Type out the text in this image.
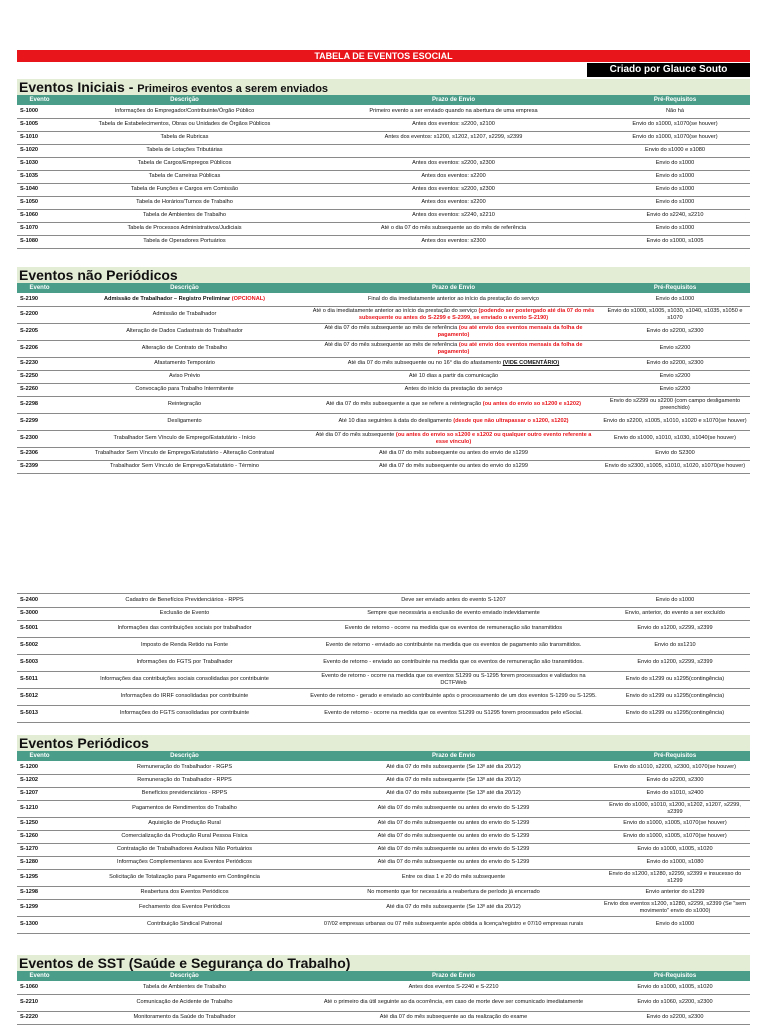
TABELA DE EVENTOS ESOCIAL
Criado por Glauce Souto
Eventos Iniciais - Primeiros eventos a serem enviados
Evento	Descrição	Prazo de Envio	Pré-Requisitos
S-1000	Informações do Empregador/Contribuinte/Órgão Público	Primeiro evento a ser enviado quando na abertura de uma empresa	Não há
S-1005	Tabela de Estabelecimentos, Obras ou Unidades de Órgãos Públicos	Antes dos eventos: s2200, s2100	Envio do s1000, s1070(se houver)
S-1010	Tabela de Rubricas	Antes dos eventos: s1200, s1202, s1207, s2299, s2399	Envio do s1000, s1070(se houver)
S-1020	Tabela de Lotações Tributárias		Envio do s1000 e s1080
S-1030	Tabela de Cargos/Empregos Públicos	Antes dos eventos: s2200, s2300	Envio do s1000
S-1035	Tabela de Carreiras Públicas	Antes dos eventos: s2200	Envio do s1000
S-1040	Tabela de Funções e Cargos em Comissão	Antes dos eventos: s2200, s2300	Envio do s1000
S-1050	Tabela de Horários/Turnos de Trabalho	Antes dos eventos: s2200	Envio do s1000
S-1060	Tabela de Ambientes de Trabalho	Antes dos eventos: s2240, s2210	Envio do s2240, s2210
S-1070	Tabela de Processos Administrativos/Judiciais	Até o dia 07 do mês subsequente ao do mês de referência	Envio do s1000
S-1080	Tabela de Operadores Portuários	Antes dos eventos: s2300	Envio do s1000, s1005
Eventos não Periódicos
Evento	Descrição	Prazo de Envio	Pré-Requisitos
S-2190	Admissão de Trabalhador – Registro Preliminar (OPCIONAL)	Final do dia imediatamente anterior ao início da prestação do serviço	Envio do s1000
S-2200	Admissão de Trabalhador	Até o dia imediatamente anterior ao início da prestação do serviço (podendo ser postergado até dia 07 do mês subsequente ou antes do S-2299 e S-2399, se enviado o evento S-2190)	Envio do s1000, s1005, s1030, s1040, s1035, s1050 e s1070
S-2205	Alteração de Dados Cadastrais do Trabalhador	Até dia 07 do mês subsequente ao mês de referência (ou até envio dos eventos mensais da folha de pagamento)	Envio do s2200, s2300
S-2206	Alteração de Contrato de Trabalho	Até dia 07 do mês subsequente ao mês de referência (ou até envio dos eventos mensais da folha de pagamento)	Envio s2200
S-2230	Afastamento Temporário	Até dia 07 do mês subsequente ou no 16° dia do afastamento (VIDE COMENTÁRIO)	Envio do s2200, s2300
S-2250	Aviso Prévio	Até 10 dias a partir da comunicação	Envio s2200
S-2260	Convocação para Trabalho Intermitente	Antes do início da prestação do serviço	Envio s2200
S-2298	Reintegração	Até dia 07 do mês subsequente a que se refere a reintegração (ou antes do envio so s1200 e s1202)	Envio do s2299 ou s2200 (com campo desligamento preenchido)
S-2299	Desligamento	Até 10 dias seguintes à data do desligamento (desde que não ultrapassar o s1200, s1202)	Envio do s2200, s1005, s1010, s1020 e s1070(se houver)
S-2300	Trabalhador Sem Vínculo de Emprego/Estatutário - Início	Até dia 07 do mês subsequente (ou antes do envio so s1200 e s1202 ou qualquer outro evento referente a esse vínculo)	Envio do s1000, s1010, s1030, s1040(se houver)
S-2306	Trabalhador Sem Vínculo de Emprego/Estatutário - Alteração Contratual	Até dia 07 do mês subsequente ou antes do envio de s1299	Envio do S2300
S-2399	Trabalhador Sem Vínculo de Emprego/Estatutário - Término	Até dia 07 do mês subsequente ou antes do envio do s1299	Envio do s2300, s1005, s1010, s1020, s1070(se houver)
S-2400	Cadastro de Benefícios Previdenciários - RPPS	Deve ser enviado antes do evento S-1207	Envio do s1000
S-3000	Exclusão de Evento	Sempre que necessária a exclusão de evento enviado indevidamente	Envio, anterior, do evento a ser excluído
S-5001	Informações das contribuições sociais por trabalhador	Evento de retorno - ocorre na medida que os eventos de remuneração são transmitidos	Envio do s1200, s2299, s2399
S-5002	Imposto de Renda Retido na Fonte	Evento de retorno - enviado ao contribuinte na medida que os eventos de pagamento são transmitidos.	Envio do ss1210
S-5003	Informações do FGTS por Trabalhador	Evento de retorno - enviado ao contribuinte na medida que os eventos de remuneração são transmitidos.	Envio do s1200, s2299, s2399
S-5011	Informações das contribuições sociais consolidadas por contribuinte	Evento de retorno - ocorre na medida que os eventos S1299 ou S-1295 forem processados e validados na DCTFWeb	Envio do s1299 ou s1295(contingência)
S-5012	Informações do IRRF consolidadas por contribuinte	Evento de retorno - gerado e enviado ao contribuinte após o processamento de um dos eventos S-1299 ou S-1295.	Envio do s1299 ou s1295(contingência)
S-5013	Informações do FGTS consolidadas por contribuinte	Evento de retorno - ocorre na medida que os eventos S1299 ou S1295 forem processados pelo eSocial.	Envio do s1299 ou s1295(contingência)
Eventos Periódicos
Evento	Descrição	Prazo de Envio	Pré-Requisitos
S-1200	Remuneração do Trabalhador - RGPS	Até dia 07 do mês subsequente (Se 13º até dia 20/12)	Envio do s1010, s2200, s2300, s1070(se houver)
S-1202	Remuneração do Trabalhador - RPPS	Até dia 07 do mês subsequente (Se 13º até dia 20/12)	Envio do s2200, s2300
S-1207	Benefícios previdenciários - RPPS	Até dia 07 do mês subsequente (Se 13º até dia 20/12)	Envio do s1010, s2400
S-1210	Pagamentos de Rendimentos do Trabalho	Até dia 07 do mês subsequente ou antes do envio do S-1299	Envio do s1000, s1010, s1200, s1202, s1207, s2299, s2399
S-1250	Aquisição de Produção Rural	Até dia 07 do mês subsequente ou antes do envio do S-1299	Envio do s1000, s1005, s1070(se houver)
S-1260	Comercialização da Produção Rural Pessoa Física	Até dia 07 do mês subsequente ou antes do envio do S-1299	Envio do s1000, s1005, s1070(se houver)
S-1270	Contratação de Trabalhadores Avulsos Não Portuários	Até dia 07 do mês subsequente ou antes do envio do S-1299	Envio do s1000, s1005, s1020
S-1280	Informações Complementares aos Eventos Periódicos	Até dia 07 do mês subsequente ou antes do envio do S-1299	Envio do s1000, s1080
S-1295	Solicitação de Totalização para Pagamento em Contingência	Entre os dias 1 e 20 do mês subsequente	Envio do s1200, s1280, s2299, s2399 e insucesso do s1299
S-1298	Reabertura dos Eventos Periódicos	No momento que for necessária a reabertura de período já encerrado	Envio anterior do s1299
S-1299	Fechamento dos Eventos Periódicos	Até dia 07 do mês subsequente (Se 13º até dia 20/12)	Envio dos eventos s1200, s1280, s2299, s2399 (Se "sem movimento" envio do s1000)
S-1300	Contribuição Sindical Patronal	07/02 empresas urbanas ou 07 mês subsequente após obtida a licença/registro e 07/10 empresas rurais	Envio do s1000
Eventos de SST (Saúde e Segurança do Trabalho)
Evento	Descrição	Prazo de Envio	Pré-Requisitos
S-1060	Tabela de Ambientes de Trabalho	Antes dos eventos S-2240 e S-2210	Envio do s1000, s1005, s1020
S-2210	Comunicação de Acidente de Trabalho	Até o primeiro dia útil seguinte ao da ocorrência, em caso de morte deve ser comunicado imediatamente	Envio do s1060, s2200, s2300
S-2220	Monitoramento da Saúde do Trabalhador	Até dia 07 do mês subsequente ao da realização do exame	Envio do s2200, s2300
